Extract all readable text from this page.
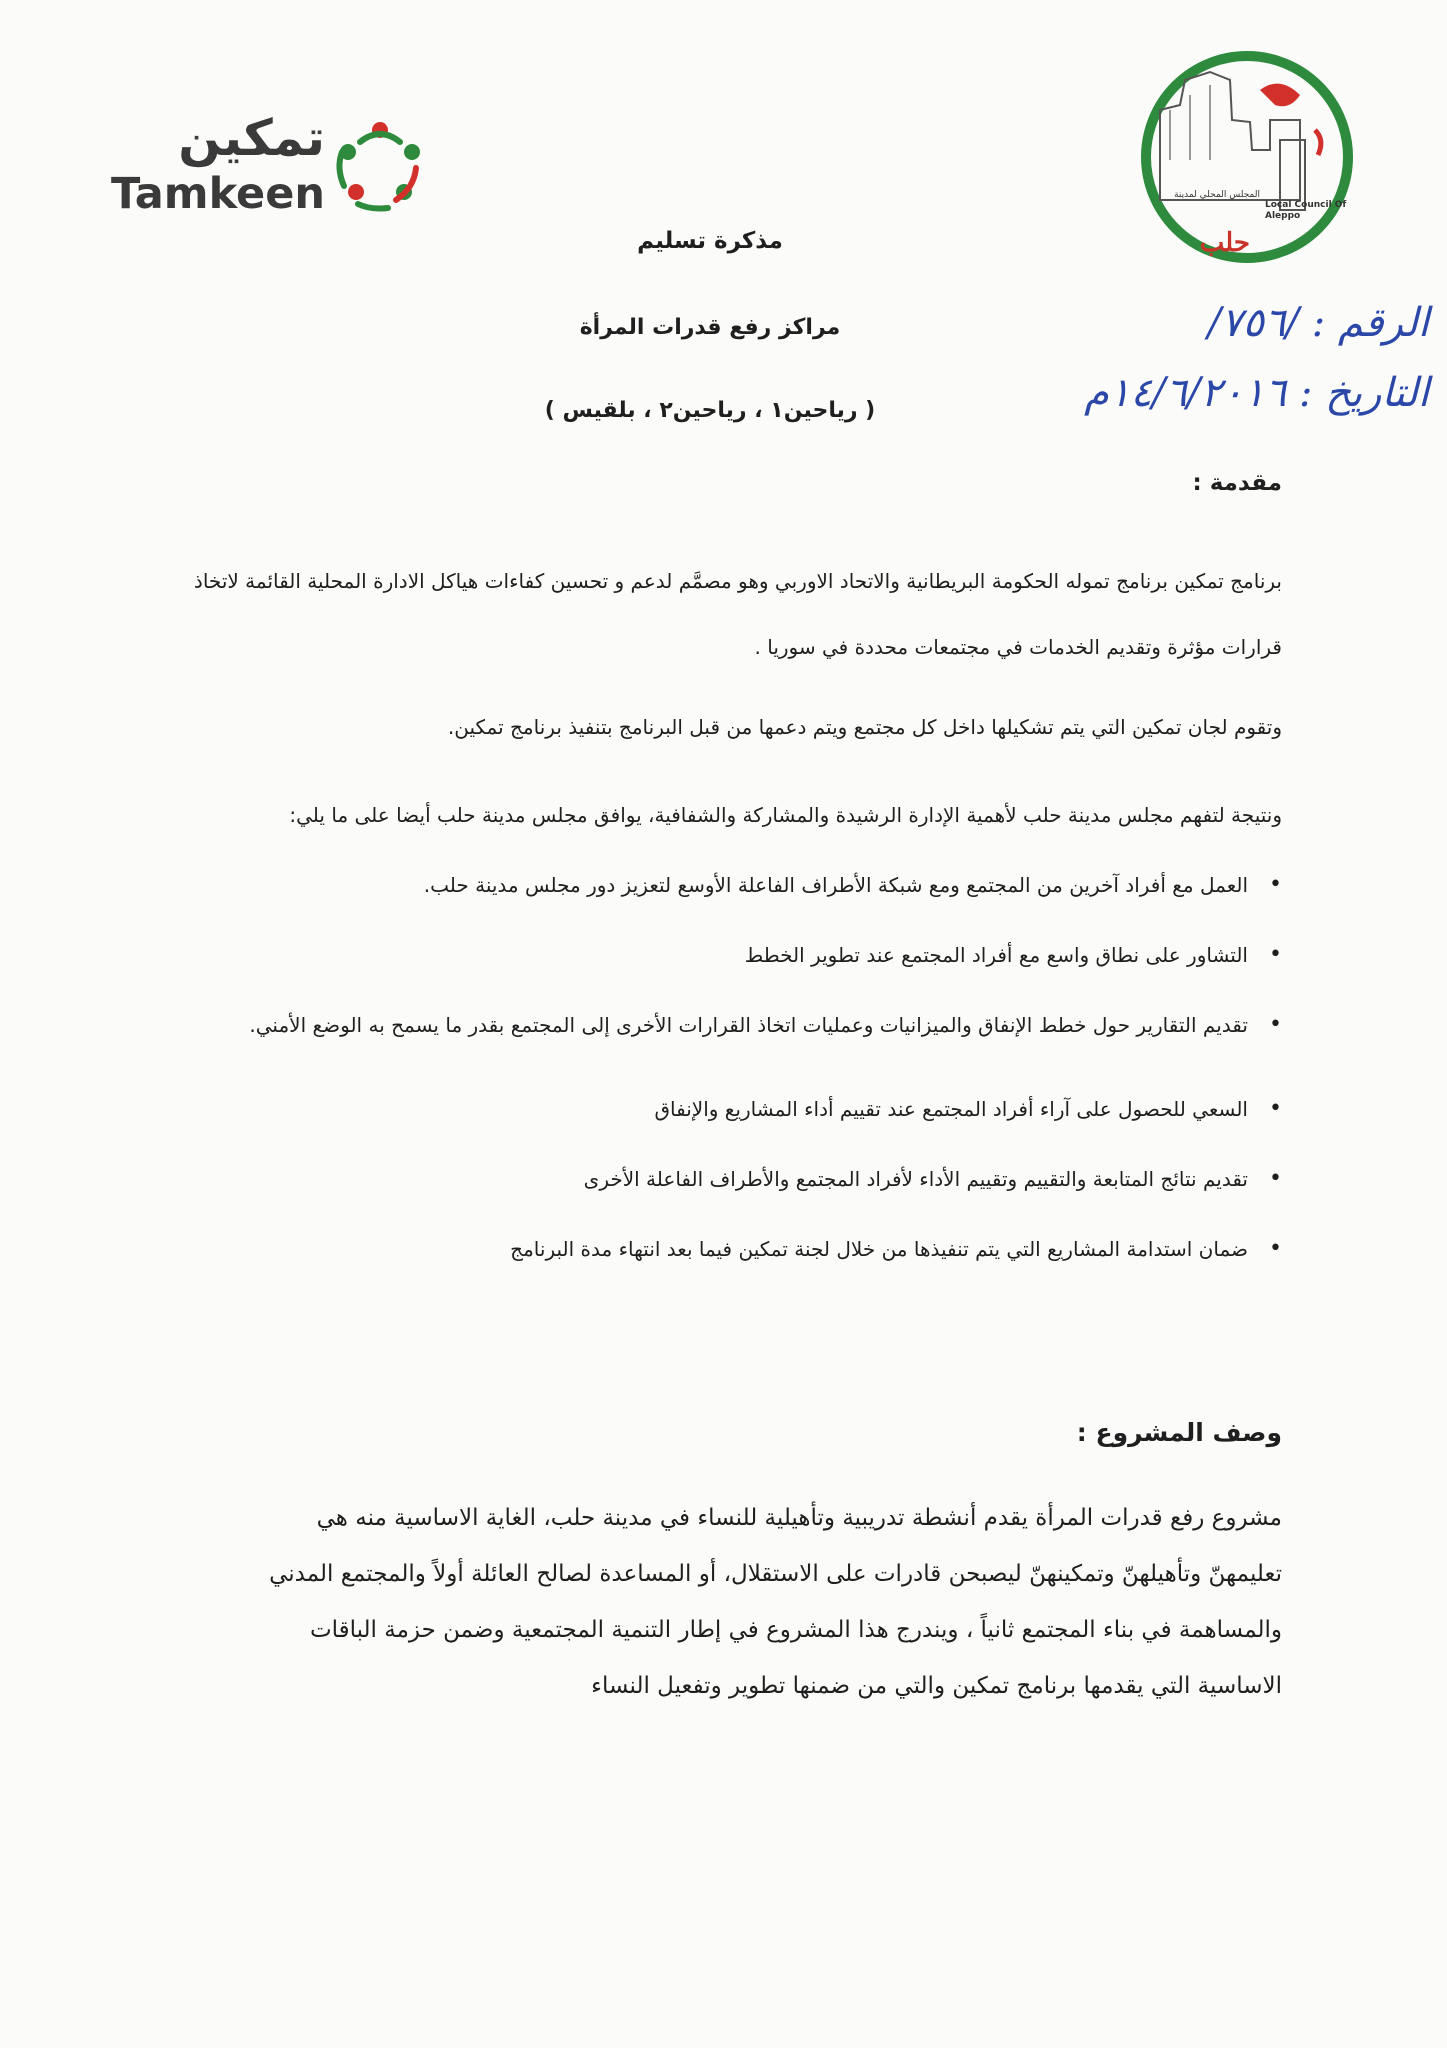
تمكين
Tamkeen	Local Council Of Aleppo
المجلس المحلي لمدينة
حلب
مذكرة تسليم
مراكز رفع قدرات المرأة
( رياحين١ ، رياحين٢ ، بلقيس )
الرقم : /٧٥٦/
التاريخ : ١٤/٦/٢٠١٦م
مقدمة :
برنامج تمكين برنامج تموله الحكومة البريطانية والاتحاد الاوربي وهو مصمَّم لدعم و تحسين كفاءات هياكل الادارة المحلية القائمة لاتخاذ قرارات مؤثرة وتقديم الخدمات في مجتمعات محددة في سوريا .
وتقوم لجان تمكين التي يتم تشكيلها داخل كل مجتمع ويتم دعمها من قبل البرنامج بتنفيذ برنامج تمكين.
ونتيجة لتفهم مجلس مدينة حلب لأهمية الإدارة الرشيدة والمشاركة والشفافية، يوافق مجلس مدينة حلب أيضا على ما يلي:
• العمل مع أفراد آخرين من المجتمع ومع شبكة الأطراف الفاعلة الأوسع لتعزيز دور مجلس مدينة حلب.
• التشاور على نطاق واسع مع أفراد المجتمع عند تطوير الخطط
• تقديم التقارير حول خطط الإنفاق والميزانيات وعمليات اتخاذ القرارات الأخرى إلى المجتمع بقدر ما يسمح به الوضع الأمني.
• السعي للحصول على آراء أفراد المجتمع عند تقييم أداء المشاريع والإنفاق
• تقديم نتائج المتابعة والتقييم وتقييم الأداء لأفراد المجتمع والأطراف الفاعلة الأخرى
• ضمان استدامة المشاريع التي يتم تنفيذها من خلال لجنة تمكين فيما بعد انتهاء مدة البرنامج
وصف المشروع :
مشروع رفع قدرات المرأة يقدم أنشطة تدريبية وتأهيلية للنساء في مدينة حلب، الغاية الاساسية منه هي تعليمهنّ وتأهيلهنّ وتمكينهنّ ليصبحن قادرات على الاستقلال، أو المساعدة لصالح العائلة أولاً والمجتمع المدني والمساهمة في بناء المجتمع ثانياً ، ويندرج هذا المشروع في إطار التنمية المجتمعية وضمن حزمة الباقات الاساسية التي يقدمها برنامج تمكين والتي من ضمنها تطوير وتفعيل النساء
